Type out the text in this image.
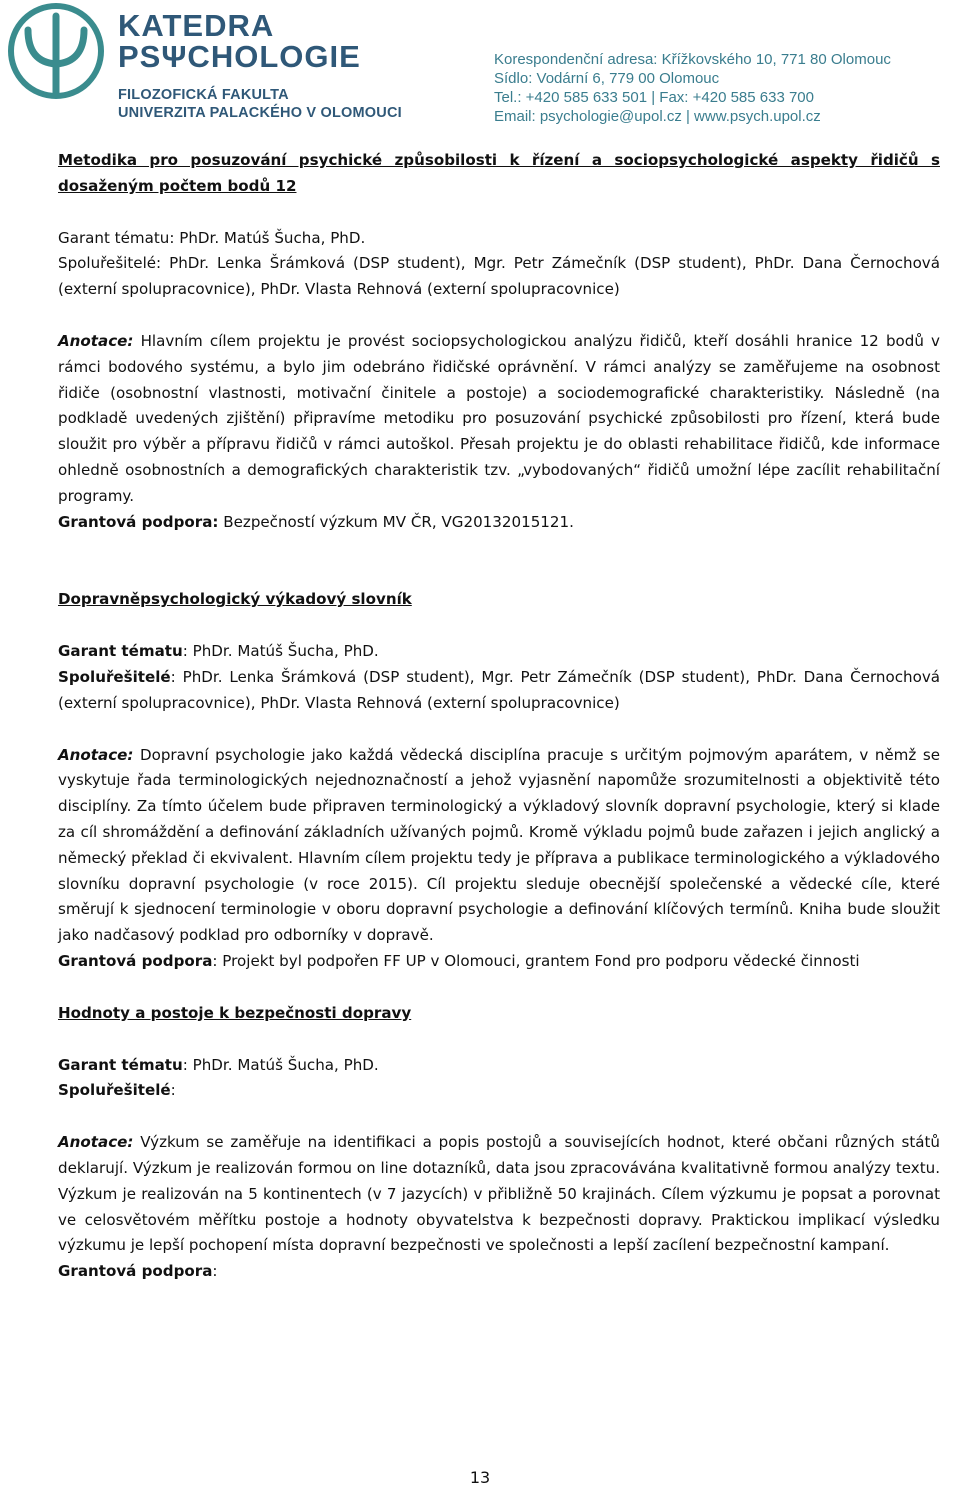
KATEDRA
PSΨCHOLOGIE
FILOZOFICKÁ FAKULTA
UNIVERZITA PALACKÉHO V OLOMOUCI
Korespondenční adresa: Křížkovského 10, 771 80 Olomouc
Sídlo: Vodární 6, 779 00 Olomouc
Tel.: +420 585 633 501 | Fax: +420 585 633 700
Email: psychologie@upol.cz | www.psych.upol.cz

Metodika pro posuzování psychické způsobilosti k řízení a sociopsychologické aspekty řidičů s dosaženým počtem bodů 12

Garant tématu: PhDr. Matúš Šucha, PhD.

Spoluřešitelé: PhDr. Lenka Šrámková (DSP student), Mgr. Petr Zámečník (DSP student), PhDr. Dana Černochová (externí spolupracovnice), PhDr. Vlasta Rehnová (externí spolupracovnice)

Anotace: Hlavním cílem projektu je provést sociopsychologickou analýzu řidičů, kteří dosáhli hranice 12 bodů v rámci bodového systému, a bylo jim odebráno řidičské oprávnění. V rámci analýzy se zaměřujeme na osobnost řidiče (osobnostní vlastnosti, motivační činitele a postoje) a sociodemografické charakteristiky. Následně (na podkladě uvedených zjištění) připravíme metodiku pro posuzování psychické způsobilosti pro řízení, která bude sloužit pro výběr a přípravu řidičů v rámci autoškol. Přesah projektu je do oblasti rehabilitace řidičů, kde informace ohledně osobnostních a demografických charakteristik tzv. „vybodovaných“ řidičů umožní lépe zacílit rehabilitační programy.

Grantová podpora: Bezpečností výzkum MV ČR, VG20132015121.

Dopravněpsychologický výkadový slovník

Garant tématu: PhDr. Matúš Šucha, PhD.

Spoluřešitelé: PhDr. Lenka Šrámková (DSP student), Mgr. Petr Zámečník (DSP student), PhDr. Dana Černochová (externí spolupracovnice), PhDr. Vlasta Rehnová (externí spolupracovnice)

Anotace: Dopravní psychologie jako každá vědecká disciplína pracuje s určitým pojmovým aparátem, v němž se vyskytuje řada terminologických nejednoznačností a jehož vyjasnění napomůže srozumitelnosti a objektivitě této disciplíny. Za tímto účelem bude připraven terminologický a výkladový slovník dopravní psychologie, který si klade za cíl shromáždění a definování základních užívaných pojmů. Kromě výkladu pojmů bude zařazen i jejich anglický a německý překlad či ekvivalent. Hlavním cílem projektu tedy je příprava a publikace terminologického a výkladového slovníku dopravní psychologie (v roce 2015). Cíl projektu sleduje obecnější společenské a vědecké cíle, které směrují k sjednocení terminologie v oboru dopravní psychologie a definování klíčových termínů. Kniha bude sloužit jako nadčasový podklad pro odborníky v dopravě.

Grantová podpora: Projekt byl podpořen FF UP v Olomouci, grantem Fond pro podporu vědecké činnosti

Hodnoty a postoje k bezpečnosti dopravy

Garant tématu: PhDr. Matúš Šucha, PhD.

Spoluřešitelé:

Anotace: Výzkum se zaměřuje na identifikaci a popis postojů a souvisejících hodnot, které občani různých států deklarují. Výzkum je realizován formou on line dotazníků, data jsou zpracovávána kvalitativně formou analýzy textu. Výzkum je realizován na 5 kontinentech (v 7 jazycích) v přibližně 50 krajinách. Cílem výzkumu je popsat a porovnat ve celosvětovém měřítku postoje a hodnoty obyvatelstva k bezpečnosti dopravy. Praktickou implikací výsledku výzkumu je lepší pochopení místa dopravní bezpečnosti ve společnosti a lepší zacílení bezpečnostní kampaní.

Grantová podpora:

13
